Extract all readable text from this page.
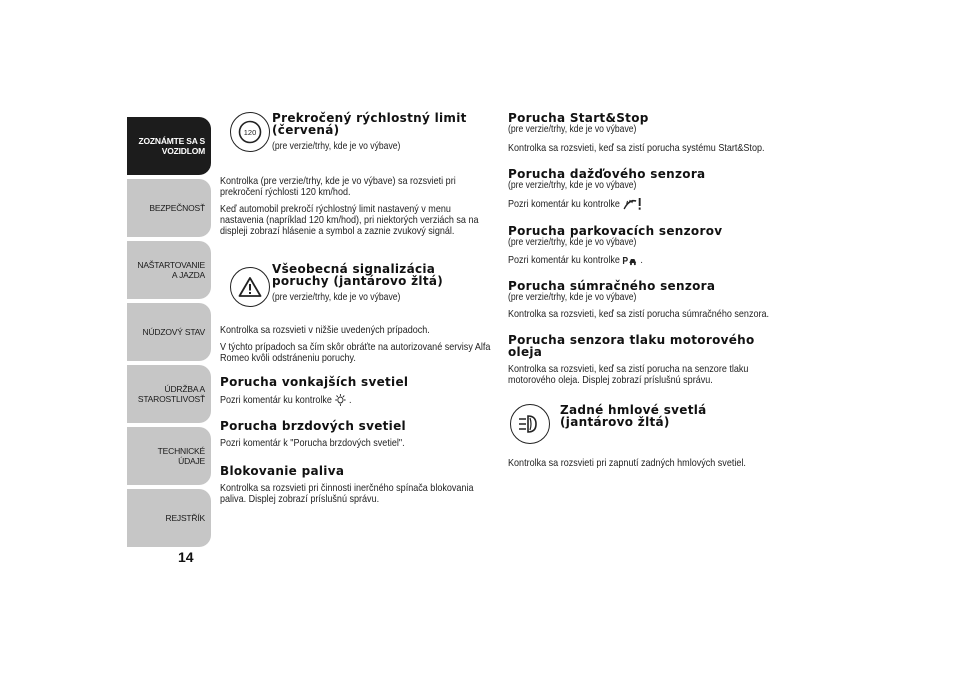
ZOZNÁMTE SA S VOZIDLOM
BEZPEČNOSŤ
NAŠTARTOVANIE A JAZDA
NÚDZOVÝ STAV
ÚDRŽBA A STAROSTLIVOSŤ
TECHNICKÉ ÚDAJE
REJSTŘÍK
14
120

Prekročený rýchlostný limit

(červená)

(pre verzie/trhy, kde je vo výbave)

Kontrolka (pre verzie/trhy, kde je vo výbave) sa rozsvieti pri prekročení rýchlosti 120 km/hod.

Keď automobil prekročí rýchlostný limit nastavený v menu nastavenia (napríklad 120 km/hod), pri niektorých verziách sa na displeji zobrazí hlásenie a symbol a zaznie zvukový signál.

Všeobecná signalizácia

poruchy (jantárovo žltá)

(pre verzie/trhy, kde je vo výbave)

Kontrolka sa rozsvieti v nižšie uvedených prípadoch.

V týchto prípadoch sa čím skôr obráťte na autorizované servisy Alfa Romeo kvôli odstráneniu poruchy.

Porucha vonkajších svetiel

Pozri komentár ku kontrolke .

Porucha brzdových svetiel

Pozri komentár k "Porucha brzdových svetiel".

Blokovanie paliva

Kontrolka sa rozsvieti pri činnosti inerčného spínača blokovania paliva. Displej zobrazí príslušnú správu.

Porucha Start&Stop

(pre verzie/trhy, kde je vo výbave)

Kontrolka sa rozsvieti, keď sa zistí porucha systému Start&Stop.

Porucha dažďového senzora

(pre verzie/trhy, kde je vo výbave)

Pozri komentár ku kontrolke

Porucha parkovacích senzorov

(pre verzie/trhy, kde je vo výbave)

Pozri komentár ku kontrolke P .

Porucha súmračného senzora

(pre verzie/trhy, kde je vo výbave)

Kontrolka sa rozsvieti, keď sa zistí porucha súmračného senzora.

Porucha senzora tlaku motorového

oleja

Kontrolka sa rozsvieti, keď sa zistí porucha na senzore tlaku motorového oleja. Displej zobrazí príslušnú správu.

Zadné hmlové svetlá

(jantárovo žltá)

Kontrolka sa rozsvieti pri zapnutí zadných hmlových svetiel.
